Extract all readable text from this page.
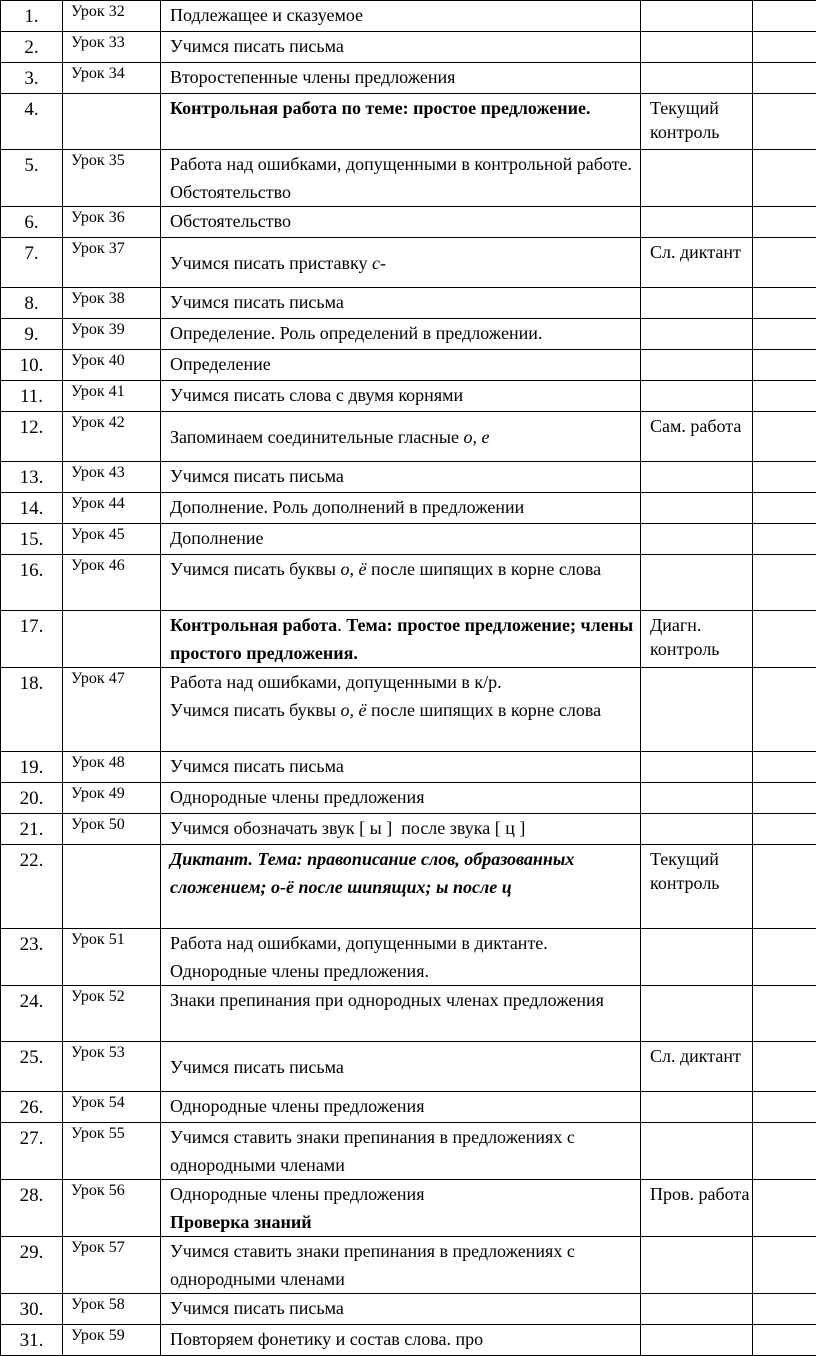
1.	Урок 32	Подлежащее и сказуемое	

2.	Урок 33	Учимся писать письма	

3.	Урок 34	Второстепенные члены предложения	

4.		Контрольная работа по теме: простое предложение.	Текущий контроль	

5.	Урок 35	Работа над ошибками, допущенными в контрольной работе. Обстоятельство	

6.	Урок 36	Обстоятельство	

7.	Урок 37	Учимся писать приставку с-	Сл. диктант	

8.	Урок 38	Учимся писать письма	

9.	Урок 39	Определение. Роль определений в предложении.	

10.	Урок 40	Определение	

11.	Урок 41	Учимся писать слова с двумя корнями	

12.	Урок 42	Запоминаем соединительные гласные о, е	Сам. работа	

13.	Урок 43	Учимся писать письма	

14.	Урок 44	Дополнение. Роль дополнений в предложении	

15.	Урок 45	Дополнение	

16.	Урок 46	Учимся писать буквы о, ё после шипящих в корне слова	

17.		Контрольная работа. Тема: простое предложение; члены простого предложения.	Диагн. контроль	

18.	Урок 47	Работа над ошибками, допущенными в к/р.
Учимся писать буквы о, ё после шипящих в корне слова		

19.	Урок 48	Учимся писать письма	

20.	Урок 49	Однородные члены предложения	

21.	Урок 50	Учимся обозначать звук [ ы ]  после звука [ ц ]	

22.		Диктант. Тема: правописание слов, образованных сложением; о-ё после шипящих; ы после ц	Текущий контроль	

23.	Урок 51	Работа над ошибками, допущенными в диктанте. Однородные члены предложения.	

24.	Урок 52	Знаки препинания при однородных членах предложения	

25.	Урок 53	Учимся писать письма	Сл. диктант	

26.	Урок 54	Однородные члены предложения	

27.	Урок 55	Учимся ставить знаки препинания в предложениях с однородными членами	

28.	Урок 56	Однородные члены предложения
Проверка знаний	Пров. работа	

29.	Урок 57	Учимся ставить знаки препинания в предложениях с однородными членами	

30.	Урок 58	Учимся писать письма	

31.	Урок 59	Повторяем фонетику и состав слова. про	
